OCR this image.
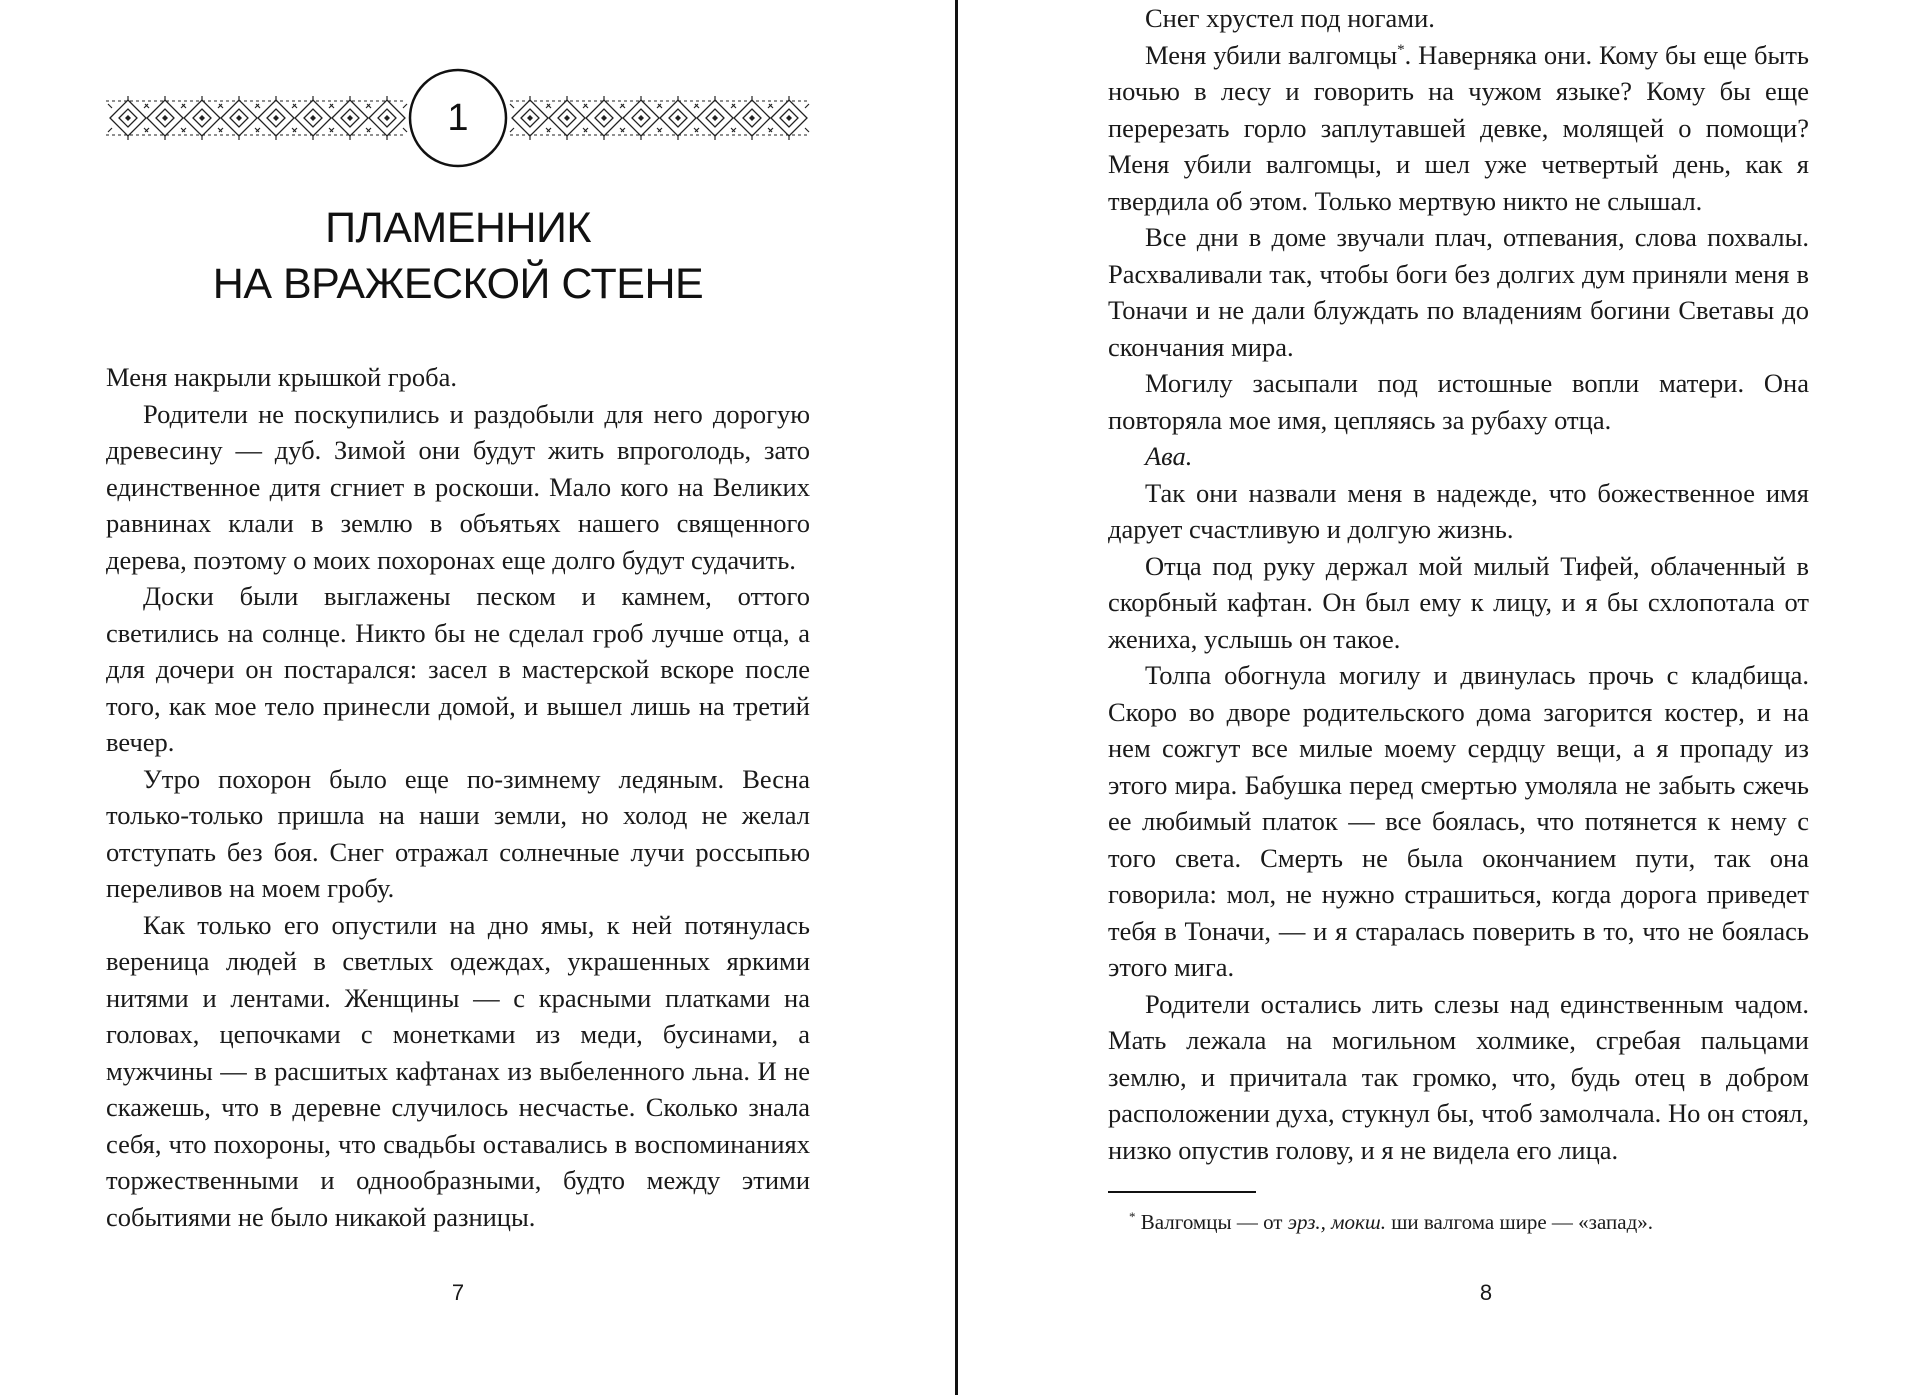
1
ПЛАМЕННИК
НА ВРАЖЕСКОЙ СТЕНЕ

Меня накрыли крышкой гроба.

Родители не поскупились и раздобыли для него дорогую древесину — дуб. Зимой они будут жить впроголодь, зато единственное дитя сгниет в роскоши. Мало кого на Великих равнинах клали в землю в объятьях нашего священного дерева, поэтому о моих похоронах еще долго будут судачить.

Доски были выглажены песком и камнем, оттого светились на солнце. Никто бы не сделал гроб лучше отца, а для дочери он постарался: засел в мастерской вскоре после того, как мое тело принесли домой, и вышел лишь на третий вечер.

Утро похорон было еще по-зимнему ледяным. Весна только-только пришла на наши земли, но холод не желал отступать без боя. Снег отражал солнечные лучи россыпью переливов на моем гробу.

Как только его опустили на дно ямы, к ней потянулась вереница людей в светлых одеждах, украшенных яркими нитями и лентами. Женщины — с красными платками на головах, цепочками с монетками из меди, бусинами, а мужчины — в расшитых кафтанах из выбеленного льна. И не скажешь, что в деревне случилось несчастье. Сколько знала себя, что похороны, что свадьбы оставались в воспоминаниях торжественными и однообразными, будто между этими событиями не было никакой разницы.

7

Снег хрустел под ногами.

Меня убили валгомцы*. Наверняка они. Кому бы еще быть ночью в лесу и говорить на чужом языке? Кому бы еще перерезать горло заплутавшей девке, молящей о помощи? Меня убили валгомцы, и шел уже четвертый день, как я твердила об этом. Только мертвую никто не слышал.

Все дни в доме звучали плач, отпевания, слова похвалы. Расхваливали так, чтобы боги без долгих дум приняли меня в Тоначи и не дали блуждать по владениям богини Светавы до скончания мира.

Могилу засыпали под истошные вопли матери. Она повторяла мое имя, цепляясь за рубаху отца.

Ава.

Так они назвали меня в надежде, что божественное имя дарует счастливую и долгую жизнь.

Отца под руку держал мой милый Тифей, облаченный в скорбный кафтан. Он был ему к лицу, и я бы схлопотала от жениха, услышь он такое.

Толпа обогнула могилу и двинулась прочь с кладбища. Скоро во дворе родительского дома загорится костер, и на нем сожгут все милые моему сердцу вещи, а я пропаду из этого мира. Бабушка перед смертью умоляла не забыть сжечь ее любимый платок — все боялась, что потянется к нему с того света. Смерть не была окончанием пути, так она говорила: мол, не нужно страшиться, когда дорога приведет тебя в Тоначи, — и я старалась поверить в то, что не боялась этого мига.

Родители остались лить слезы над единственным чадом. Мать лежала на могильном холмике, сгребая пальцами землю, и причитала так громко, что, будь отец в добром расположении духа, стукнул бы, чтоб замолчала. Но он стоял, низко опустив голову, и я не видела его лица.

* Валгомцы — от эрз., мокш. ши валгома шире — «запад».
8
